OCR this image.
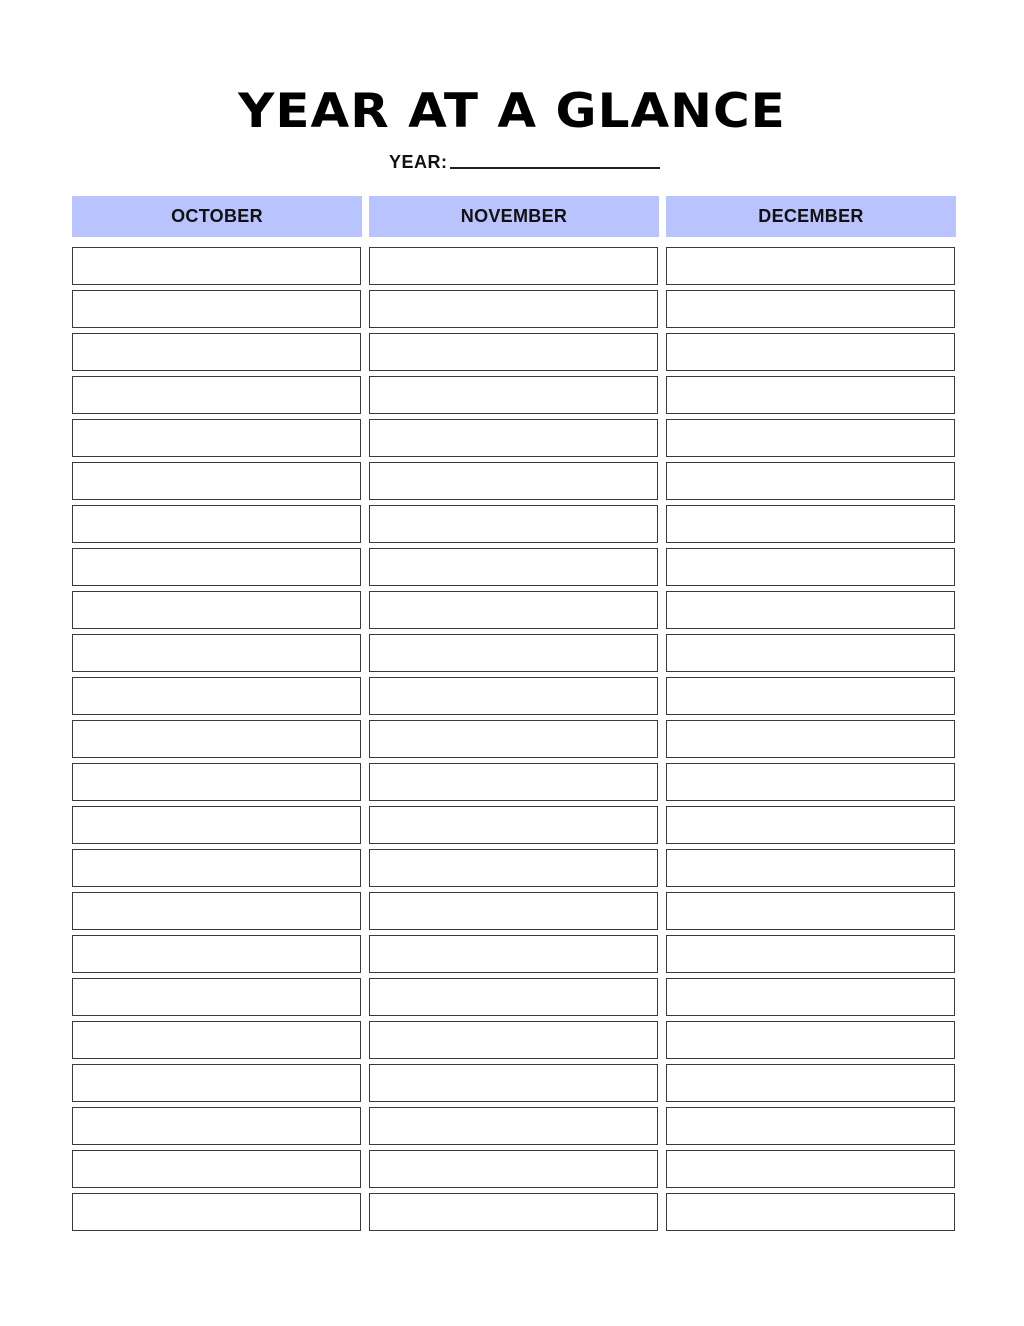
YEAR AT A GLANCE
YEAR:
OCTOBER	NOVEMBER	DECEMBER
